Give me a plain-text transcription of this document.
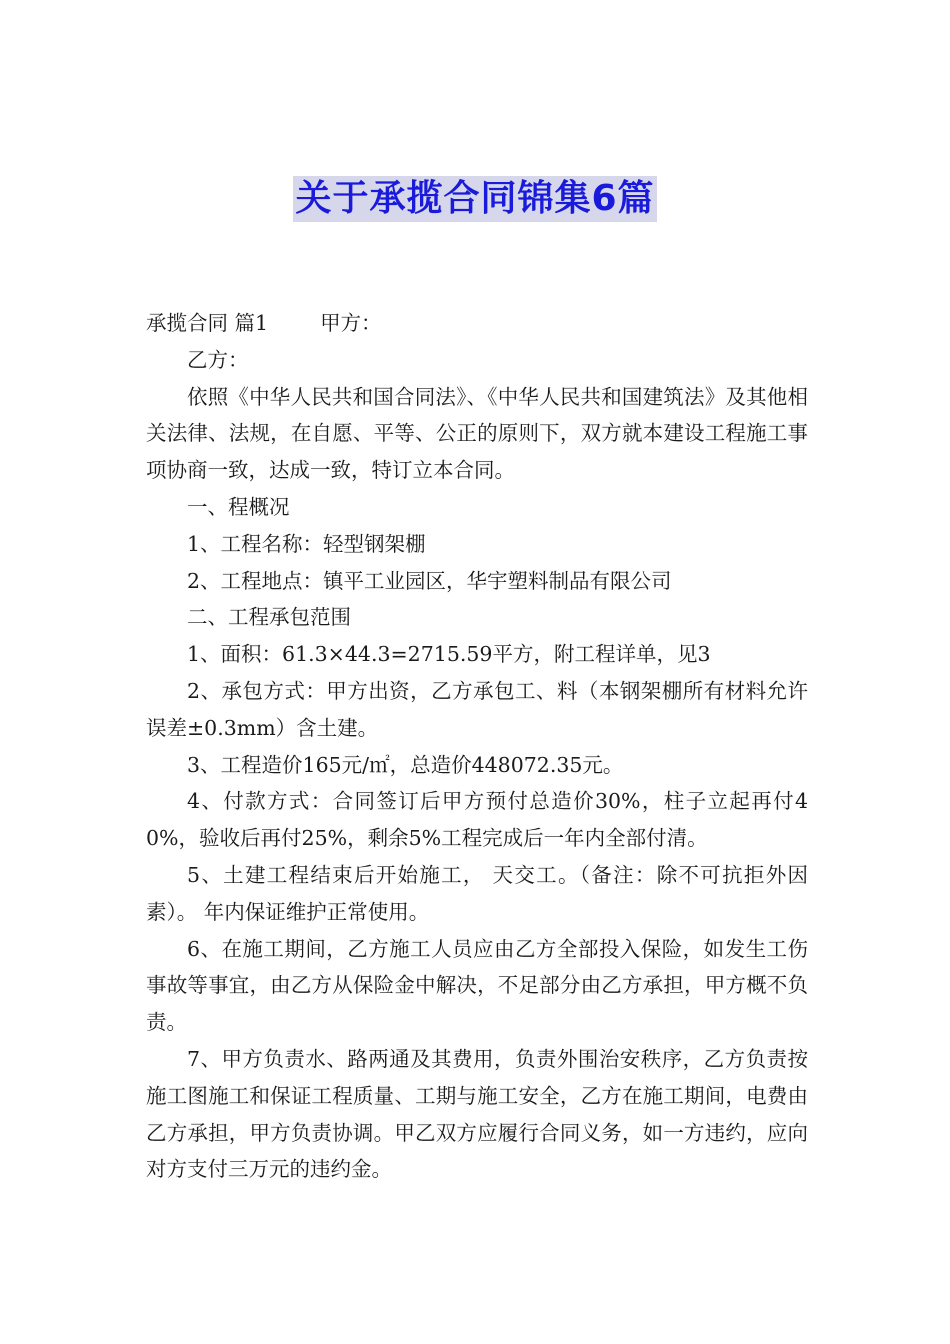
关于承揽合同锦集6篇

承揽合同 篇1	甲方：

乙方：

依照《中华人民共和国合同法》、《中华人民共和国建筑法》及其他相关法律、法规，在自愿、平等、公正的原则下，双方就本建设工程施工事项协商一致，达成一致，特订立本合同。

一、程概况

1、工程名称：轻型钢架棚

2、工程地点：镇平工业园区，华宇塑料制品有限公司

二、工程承包范围

1、面积：61.3×44.3=2715.59平方，附工程详单，见3

2、承包方式：甲方出资，乙方承包工、料（本钢架棚所有材料允许误差±0.3mm）含土建。

3、工程造价165元/㎡，总造价448072.35元。

4、付款方式：合同签订后甲方预付总造价30%，柱子立起再付40%，验收后再付25%，剩余5%工程完成后一年内全部付清。

5、土建工程结束后开始施工， 天交工。（备注：除不可抗拒外因素）。 年内保证维护正常使用。

6、在施工期间，乙方施工人员应由乙方全部投入保险，如发生工伤事故等事宜，由乙方从保险金中解决，不足部分由乙方承担，甲方概不负责。

7、甲方负责水、路两通及其费用，负责外围治安秩序，乙方负责按施工图施工和保证工程质量、工期与施工安全，乙方在施工期间，电费由乙方承担，甲方负责协调。甲乙双方应履行合同义务，如一方违约，应向对方支付三万元的违约金。
